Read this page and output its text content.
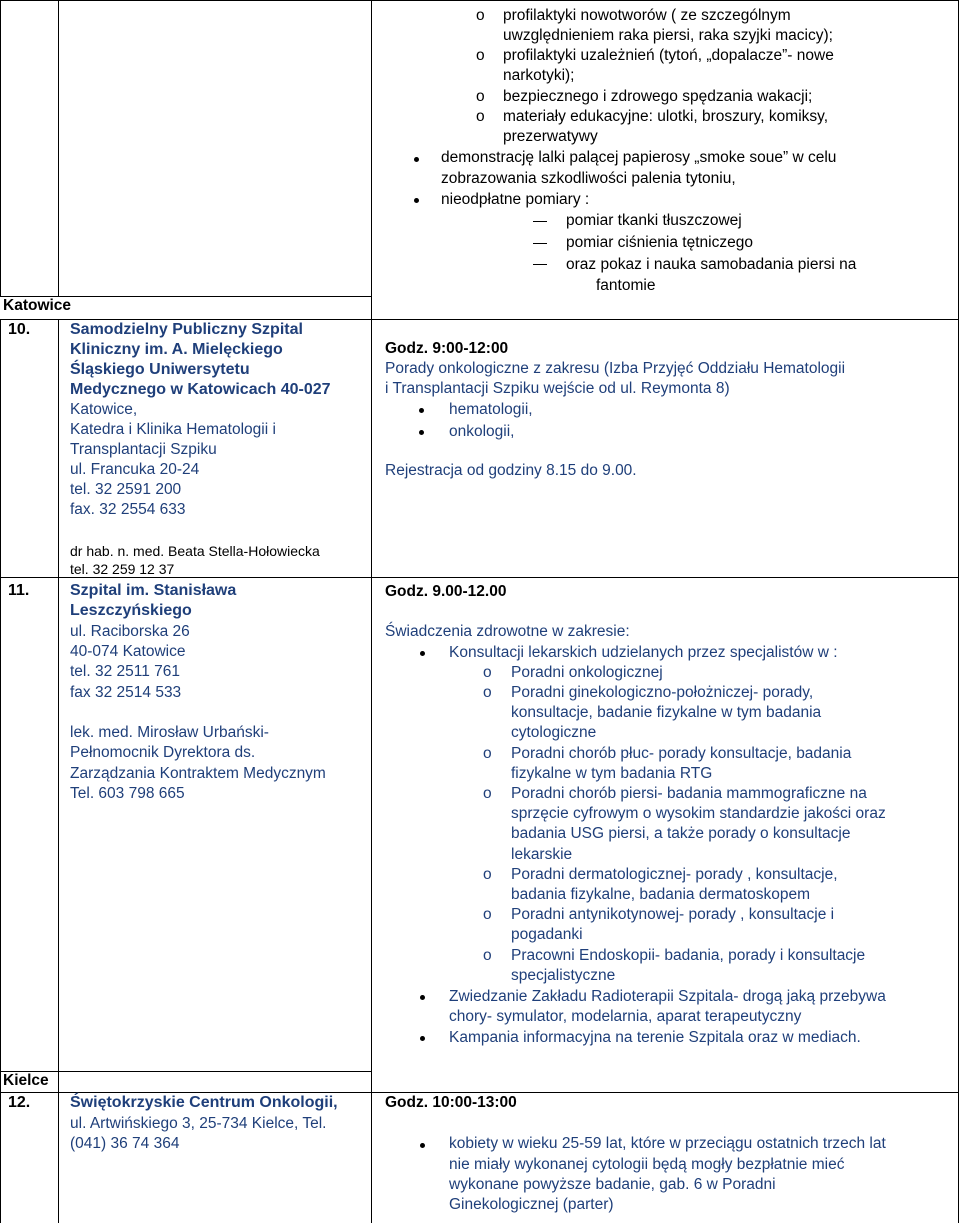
o profilaktyki nowotworów ( ze szczególnym
uwzględnieniem raka piersi, raka szyjki macicy);
o profilaktyki uzależnień (tytoń, „dopalacze”- nowe
narkotyki);
o bezpiecznego i zdrowego spędzania wakacji;
o materiały edukacyjne: ulotki, broszury, komiksy,
prezerwatywy
demonstrację lalki palącej papierosy „smoke soue” w celu
zobrazowania szkodliwości palenia tytoniu,
nieodpłatne pomiary :
pomiar tkanki tłuszczowej
pomiar ciśnienia tętniczego
oraz pokaz i nauka samobadania piersi na
fantomie
Katowice
10. Samodzielny Publiczny Szpital
Kliniczny im. A. Mielęckiego
Śląskiego Uniwersytetu
Medycznego w Katowicach 40-027
Katowice,
Katedra i Klinika Hematologii i
Transplantacji Szpiku
ul. Francuka 20-24
tel. 32 2591 200
fax. 32 2554 633
dr hab. n. med. Beata Stella-Hołowiecka
tel. 32 259 12 37
Godz. 9:00-12:00
Porady onkologiczne z zakresu (Izba Przyjęć Oddziału Hematologii
i Transplantacji Szpiku wejście od ul. Reymonta 8)
hematologii,
onkologii,
Rejestracja od godziny 8.15 do 9.00.
11.	Szpital im. Stanisława
Leszczyńskiego
ul. Raciborska 26
40-074 Katowice
tel. 32 2511 761
fax 32 2514 533
lek. med. Mirosław Urbański-
Pełnomocnik Dyrektora ds.
Zarządzania Kontraktem Medycznym
Tel. 603 798 665
Godz. 9.00-12.00
Świadczenia zdrowotne w zakresie:
Konsultacji lekarskich udzielanych przez specjalistów w :
o Poradni onkologicznej
o Poradni ginekologiczno-położniczej- porady,
konsultacje, badanie fizykalne w tym badania
cytologiczne
o Poradni chorób płuc- porady konsultacje, badania
fizykalne w tym badania RTG
o Poradni chorób piersi- badania mammograficzne na
sprzęcie cyfrowym o wysokim standardzie jakości oraz
badania USG piersi, a także porady o konsultacje
lekarskie
o Poradni dermatologicznej- porady , konsultacje,
badania fizykalne, badania dermatoskopem
o Poradni antynikotynowej- porady , konsultacje i
pogadanki
o Pracowni Endoskopii- badania, porady i konsultacje
specjalistyczne
Zwiedzanie Zakładu Radioterapii Szpitala- drogą jaką przebywa
chory- symulator, modelarnia, aparat terapeutyczny
Kampania informacyjna na terenie Szpitala oraz w mediach.
Kielce
12. Świętokrzyskie Centrum Onkologii,
ul. Artwińskiego 3, 25-734 Kielce, Tel.
(041) 36 74 364
Godz. 10:00-13:00
kobiety w wieku 25-59 lat, które w przeciągu ostatnich trzech lat
nie miały wykonanej cytologii będą mogły bezpłatnie mieć
wykonane powyższe badanie, gab. 6 w Poradni
Ginekologicznej (parter)
